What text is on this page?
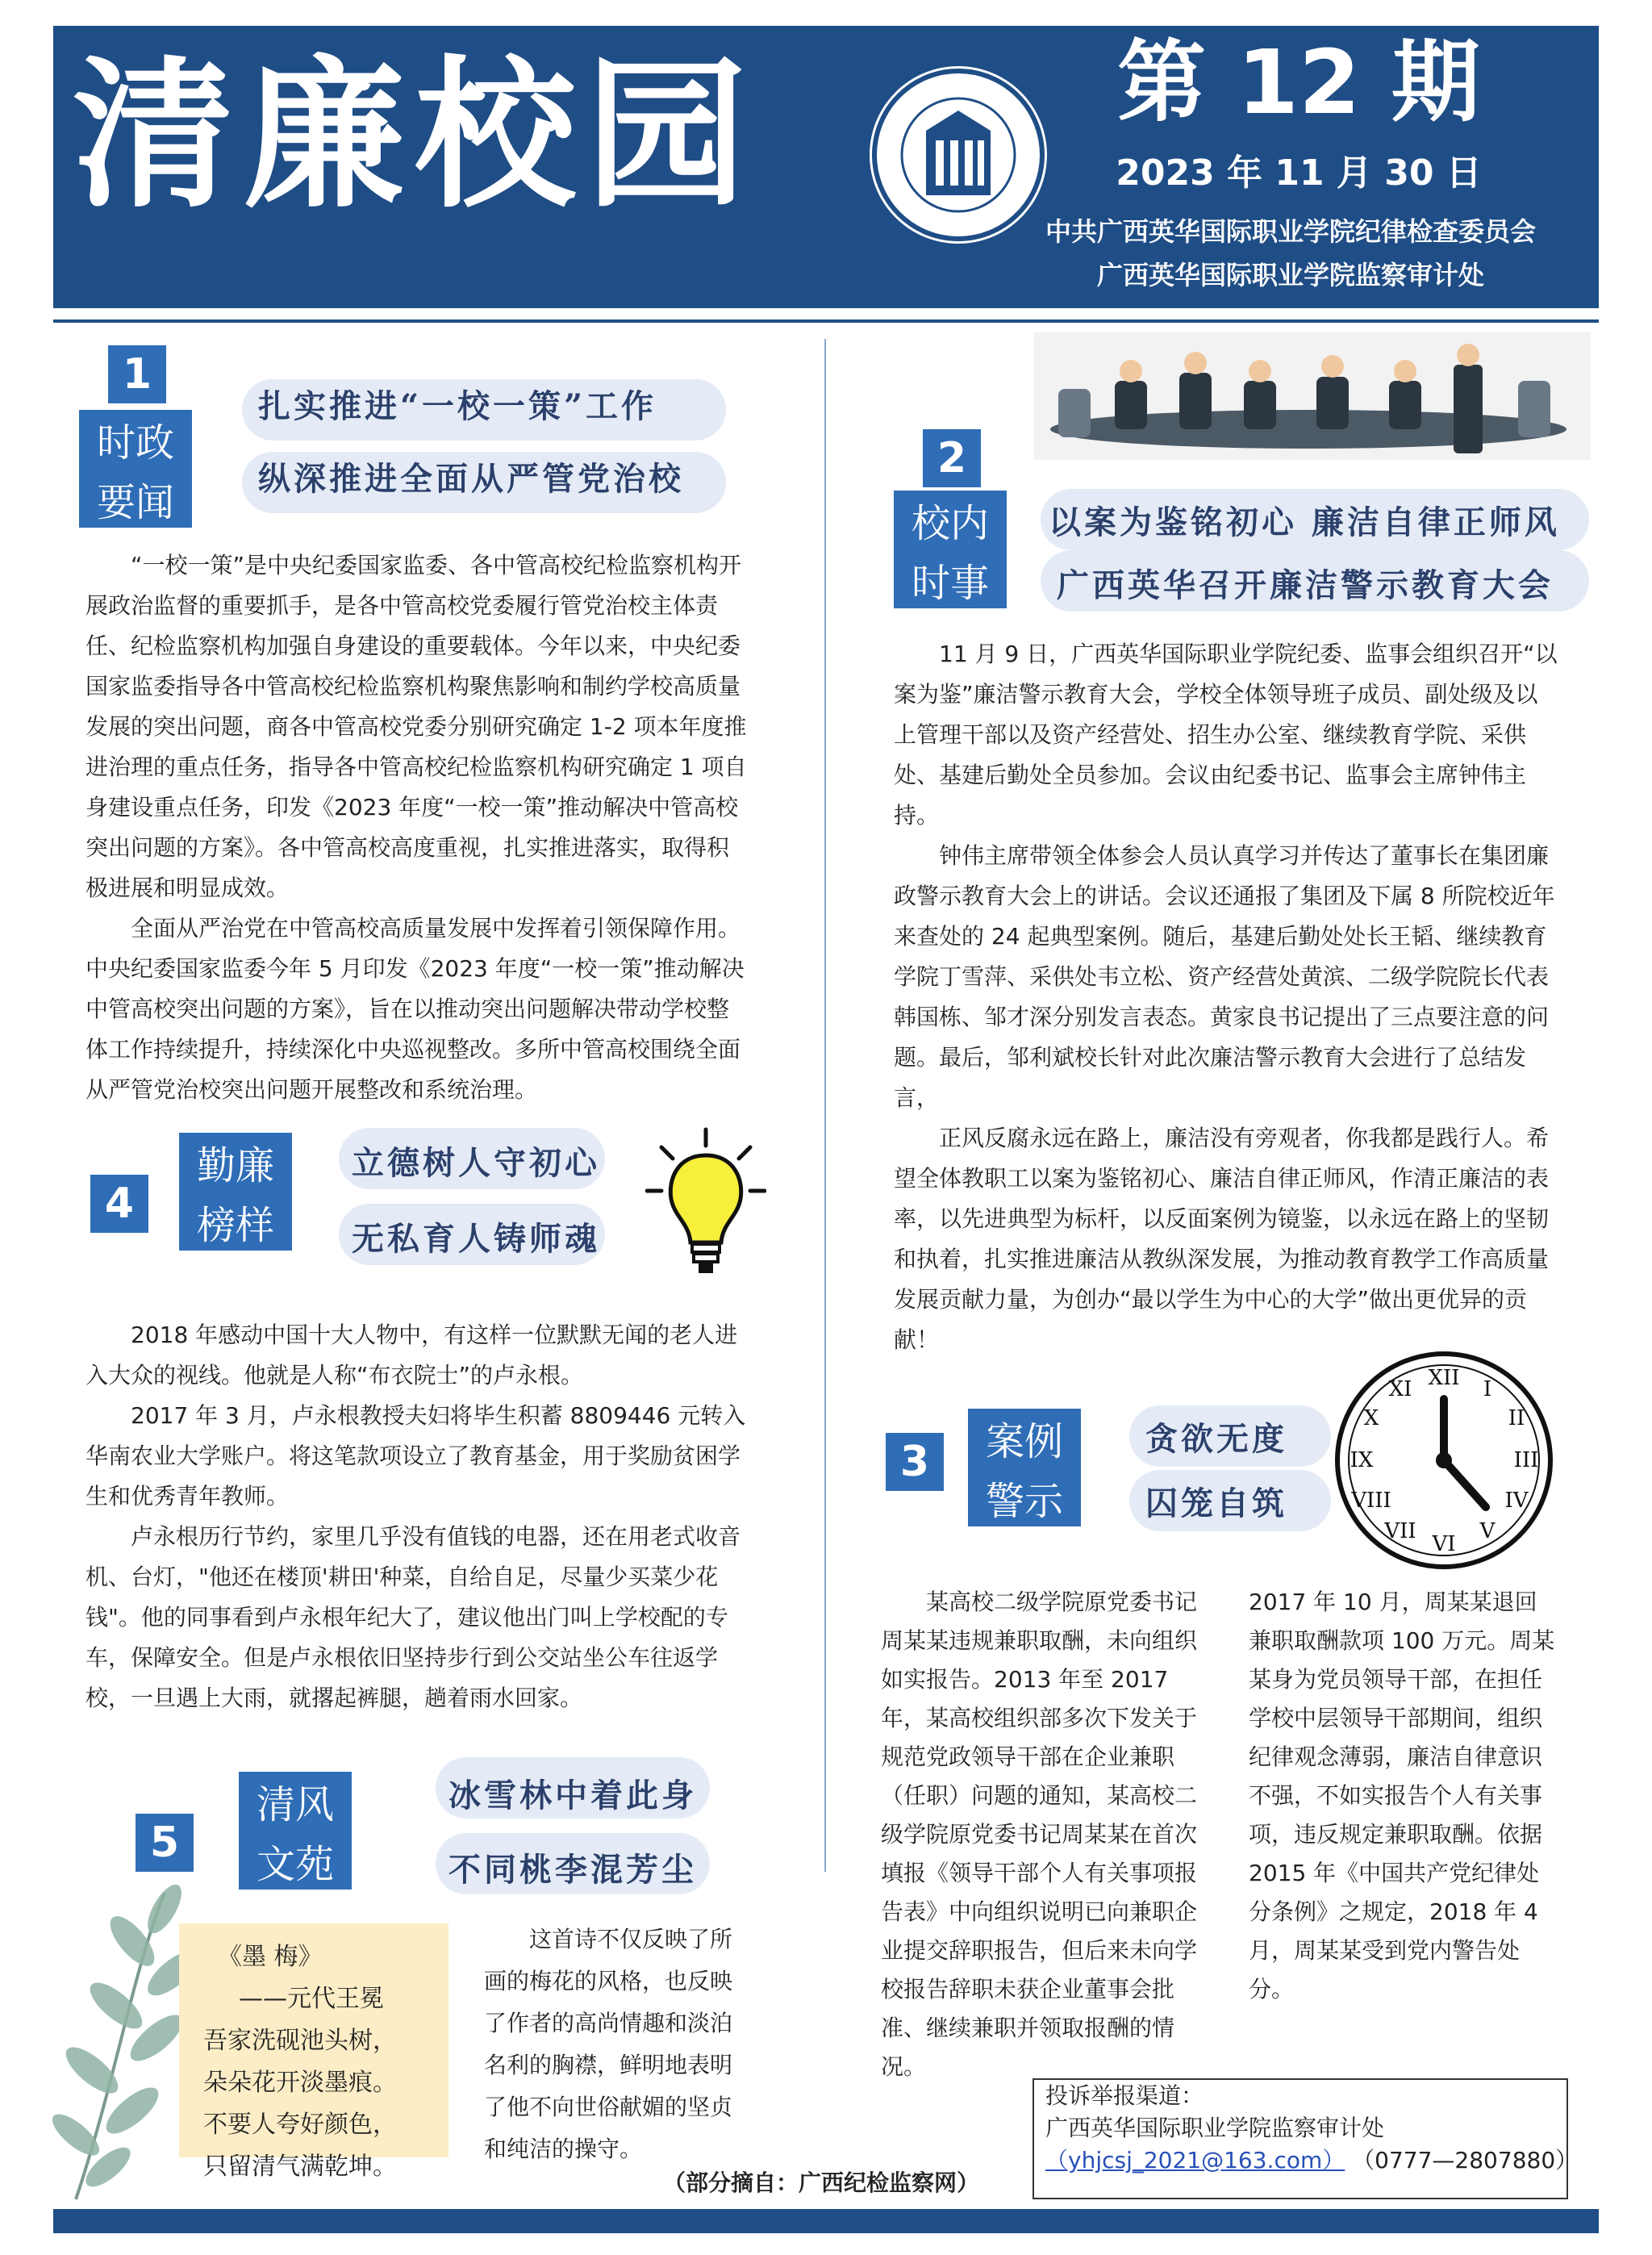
清廉校园	第 12 期
2023 年 11 月 30 日
中共广西英华国际职业学院纪律检查委员会
广西英华国际职业学院监察审计处
1
时政
要闻
扎实推进“一校一策”工作
纵深推进全面从严管党治校

“一校一策”是中央纪委国家监委、各中管高校纪检监察机构开展政治监督的重要抓手，是各中管高校党委履行管党治校主体责任、纪检监察机构加强自身建设的重要载体。今年以来，中央纪委国家监委指导各中管高校纪检监察机构聚焦影响和制约学校高质量发展的突出问题，商各中管高校党委分别研究确定 1-2 项本年度推进治理的重点任务，指导各中管高校纪检监察机构研究确定 1 项自身建设重点任务，印发《2023 年度“一校一策”推动解决中管高校突出问题的方案》。各中管高校高度重视，扎实推进落实，取得积极进展和明显成效。

全面从严治党在中管高校高质量发展中发挥着引领保障作用。中央纪委国家监委今年 5 月印发《2023 年度“一校一策”推动解决中管高校突出问题的方案》，旨在以推动突出问题解决带动学校整体工作持续提升，持续深化中央巡视整改。多所中管高校围绕全面从严管党治校突出问题开展整改和系统治理。

2
校内
时事
以案为鉴铭初心 廉洁自律正师风
广西英华召开廉洁警示教育大会

11 月 9 日，广西英华国际职业学院纪委、监事会组织召开“以案为鉴”廉洁警示教育大会，学校全体领导班子成员、副处级及以上管理干部以及资产经营处、招生办公室、继续教育学院、采供处、基建后勤处全员参加。会议由纪委书记、监事会主席钟伟主持。

钟伟主席带领全体参会人员认真学习并传达了董事长在集团廉政警示教育大会上的讲话。会议还通报了集团及下属 8 所院校近年来查处的 24 起典型案例。随后，基建后勤处处长王韬、继续教育学院丁雪萍、采供处韦立松、资产经营处黄滨、二级学院院长代表韩国栋、邹才深分别发言表态。黄家良书记提出了三点要注意的问题。最后，邹利斌校长针对此次廉洁警示教育大会进行了总结发言，

正风反腐永远在路上，廉洁没有旁观者，你我都是践行人。希望全体教职工以案为鉴铭初心、廉洁自律正师风，作清正廉洁的表率，以先进典型为标杆，以反面案例为镜鉴，以永远在路上的坚韧和执着，扎实推进廉洁从教纵深发展，为推动教育教学工作高质量发展贡献力量，为创办“最以学生为中心的大学”做出更优异的贡献！

XII I
II
III
IV
V
VI
VII
VIII
IX
X
XI
3	案例
警示
贪欲无度
囚笼自筑

某高校二级学院原党委书记周某某违规兼职取酬，未向组织如实报告。2013 年至 2017 年，某高校组织部多次下发关于规范党政领导干部在企业兼职（任职）问题的通知，某高校二级学院原党委书记周某某在首次填报《领导干部个人有关事项报告表》中向组织说明已向兼职企业提交辞职报告，但后来未向学校报告辞职未获企业董事会批准、继续兼职并领取报酬的情况。

2017 年 10 月，周某某退回兼职取酬款项 100 万元。周某某身为党员领导干部，在担任学校中层领导干部期间，组织纪律观念薄弱，廉洁自律意识不强，不如实报告个人有关事项，违反规定兼职取酬。依据 2015 年《中国共产党纪律处分条例》之规定，2018 年 4 月，周某某受到党内警告处分。

4
勤廉
榜样
立德树人守初心
无私育人铸师魂

2018 年感动中国十大人物中，有这样一位默默无闻的老人进入大众的视线。他就是人称“布衣院士”的卢永根。

2017 年 3 月，卢永根教授夫妇将毕生积蓄 8809446 元转入华南农业大学账户。将这笔款项设立了教育基金，用于奖励贫困学生和优秀青年教师。

卢永根历行节约，家里几乎没有值钱的电器，还在用老式收音机、台灯，"他还在楼顶'耕田'种菜，自给自足，尽量少买菜少花钱"。他的同事看到卢永根年纪大了，建议他出门叫上学校配的专车，保障安全。但是卢永根依旧坚持步行到公交站坐公车往返学校，一旦遇上大雨，就撂起裤腿，趟着雨水回家。

5
清风
文苑
冰雪林中着此身
不同桃李混芳尘
《墨 梅》
——元代王冕
吾家洗砚池头树，
朵朵花开淡墨痕。
不要人夸好颜色，
只留清气满乾坤。

这首诗不仅反映了所画的梅花的风格，也反映了作者的高尚情趣和淡泊名利的胸襟，鲜明地表明了他不向世俗献媚的坚贞和纯洁的操守。

（部分摘自：广西纪检监察网）
投诉举报渠道：
广西英华国际职业学院监察审计处
（yhjcsj_2021@163.com） （0777—2807880）
